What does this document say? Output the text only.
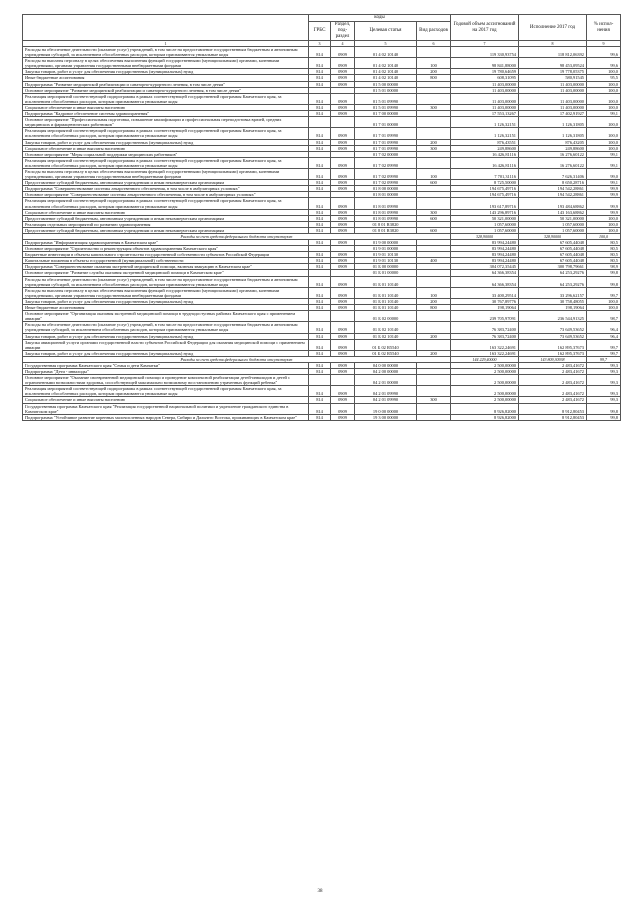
	коды				Годовой объем ассигнований на 2017 год	Исполнение 2017 год	% испол-нения
	ГРБС	Раздел, под-раздел	Целевая статья	Вид расходов			
1	3	4	5	6	7	8	9
Расходы на обеспечение деятельности (оказание услуг) учреждений, в том числе на предоставление государственным бюджетным и автономным учреждениям субсидий, за исключением обособленных расходов, которым присваиваются уникальные коды	814	0909	01 4 02 10140		119 330,93754	118 812,06392	99,6
Расходы на выплаты персоналу в целях обеспечения выполнения функций государственными (муниципальными) органами, казенными учреждениями, органами управления государственными внебюджетными фондами	814	0909	01 4 02 10140	100	98 841,88000	98 453,09524	99,6
Закупка товаров, работ и услуг для обеспечения государственных (муниципальных) нужд	814	0909	01 4 02 10140	200	19 780,64659	19 778,05375	100,0
Иные бюджетные ассигнования	814	0909	01 4 02 10140	800	608,31095	580,91545	95,5
Подпрограмма "Развитие медицинской реабилитации и санаторно-курортного лечения, в том числе детям"	814	0909	01 5 00 00000		11 403,00000	11 403,00000	100,0
Основное мероприятие "Развитие медицинской реабилитации и санаторно-курортного лечения, в том числе детям"			01 5 01 00000		11 403,00000	11 403,00000	100,0
Реализация мероприятий соответствующей подпрограммы в рамках соответствующей государственной программы Камчатского края, за исключением обособленных расходов, которым присваиваются уникальные коды	814	0909	01 5 01 09990		11 403,00000	11 403,00000	100,0
Социальное обеспечение и иные выплаты населению	814	0909	01 5 01 09990	300	11 403,00000	11 403,00000	100,0
Подпрограмма "Кадровое обеспечение системы здравоохранения"	814	0909	01 7 00 00000		17 553,13267	17 402,91927	99,1
Основное мероприятие "Профессиональная подготовка, повышение квалификации и профессиональная переподготовка врачей, средних медицинских и фармацевтических работников"			01 7 01 00000		1 126,32151	1 126,31805	100,0
Реализация мероприятий соответствующей подпрограммы в рамках соответствующей государственной программы Камчатского края, за исключением обособленных расходов, которым присваиваются уникальные коды	814	0909	01 7 01 09990		1 126,32151	1 126,31805	100,0
Закупка товаров, работ и услуг для обеспечения государственных (муниципальных) нужд	814	0909	01 7 01 09990	200	876,43551	876,43205	100,0
Социальное обеспечение и иные выплаты населению	814	0909	01 7 01 09990	300	249,88600	249,88600	100,0
Основное мероприятие "Меры социальной поддержки медицинских работников"			01 7 02 00000		16 426,81116	16 276,60122	99,1
Реализация мероприятий соответствующей подпрограммы в рамках соответствующей государственной программы Камчатского края, за исключением обособленных расходов, которым присваиваются уникальные коды	814	0909	01 7 02 09990		16 426,81116	16 276,60122	99,1
Расходы на выплаты персоналу в целях обеспечения выполнения функций государственными (муниципальными) органами, казенными учреждениями, органами управления государственными внебюджетными фондами	814	0909	01 7 02 09990	100	7 701,31116	7 626,31406	99,0
Предоставление субсидий бюджетным, автономным учреждениям и иным некоммерческим организациям	814	0909	01 7 02 09990	600	8 725,50000	8 650,28716	99,1
Подпрограмма "Совершенствование системы лекарственного обеспечения, в том числе в амбулаторных условиях"	814	0909	01 8 00 00000		194 675,49716	194 542,28861	99,9
Основное мероприятие "Совершенствование системы лекарственного обеспечения, в том числе в амбулаторных условиях"			01 8 01 00000		194 675,49716	194 542,28861	99,9
Реализация мероприятий соответствующей подпрограммы в рамках соответствующей государственной программы Камчатского края, за исключением обособленных расходов, которым присваиваются уникальные коды	814	0909	01 8 01 09990		193 617,89716	193 484,68862	99,9
Социальное обеспечение и иные выплаты населению	814	0909	01 8 01 09990	300	143 296,89716	143 163,68862	99,9
Предоставление субсидий бюджетным, автономным учреждениям и иным некоммерческим организациям	814	0909	01 8 01 09990	600	50 321,00000	50 321,00000	100,0
Реализация отдельных мероприятий по развитию здравоохранения	814	0909	01 8 01 R3820		1 057,60000	1 057,60000	100,0
Предоставление субсидий бюджетным, автономным учреждениям и иным некоммерческим организациям	814	0909	01 8 01 R3820	600	1 057,60000	1 057,60000	100,0
Расходы за счет средств федерального бюджета отсутствуют					328,90000	328,90000	100,0
Подпрограмма "Информатизация здравоохранения в Камчатском крае"	814	0909	01 9 00 00000		83 994,24480	67 605,44048	80,5
Основное мероприятие "Строительство и реконструкция объектов здравоохранения Камчатского края"			01 9 01 00000		83 994,24480	67 605,44048	80,5
Бюджетные инвестиции в объекты капитального строительства государственной собственности субъектов Российской Федерации	814	0909	01 9 01 10130		83 994,24480	67 605,44048	80,5
Капитальные вложения в объекты государственной (муниципальной) собственности	814	0909	01 9 01 10130	400	83 994,24480	67 605,44048	80,5
Подпрограмма "Совершенствование оказания экстренной медицинской помощи, включая эвакуацию в Камчатском крае"	814	0909	01 Б 00 00000		304 072,35445	300 798,79661	98,9
Основное мероприятие "Развитие службы оказания экстренной медицинской помощи в Камчатском крае"			01 Б 01 00000		64 366,38354	64 253,29276	99,8
Расходы на обеспечение деятельности (оказание услуг) учреждений, в том числе на предоставление государственным бюджетным и автономным учреждениям субсидий, за исключением обособленных расходов, которым присваиваются уникальные коды	814	0909	01 Б 01 10140		64 366,38354	64 253,29276	99,8
Расходы на выплаты персоналу в целях обеспечения выполнения функций государственными (муниципальными) органами, казенными учреждениями, органами управления государственными внебюджетными фондами	814	0909	01 Б 01 10140	100	33 400,29514	33 296,62157	99,7
Закупка товаров, работ и услуг для обеспечения государственных (муниципальных) нужд	814	0909	01 Б 01 10140	200	30 767,89776	30 758,48055	100,0
Иные бюджетные ассигнования	814	0909	01 Б 01 10140	800	198,19064	198,19064	100,0
Основное мероприятие "Организация оказания экстренной медицинской помощи в труднодоступных районах Камчатского края с применением авиации"			01 Б 02 00000		239 705,97091	236 544,91325	98,7
Расходы на обеспечение деятельности (оказание услуг) учреждений, в том числе на предоставление государственным бюджетным и автономным учреждениям субсидий, за исключением обособленных расходов, которым присваиваются уникальные коды	814	0909	01 Б 02 10140		76 383,72400	73 649,53652	96,4
Закупка товаров, работ и услуг для обеспечения государственных (муниципальных) нужд	814	0909	01 Б 02 10140	200	76 383,72400	73 649,53652	96,4
Закупка авиационной услуги органами государственной власти субъектов Российской Федерации для оказания медицинской помощи с применением авиации	814	0909	01 Б 02 R5540		163 322,24691	162 895,37673	99,7
Закупка товаров, работ и услуг для обеспечения государственных (муниципальных) нужд	814	0909	01 Б 02 R5540	200	163 322,24691	162 895,37673	99,7
Расходы за счет средств федерального бюджета отсутствуют					144 229,40000	143 809,30938	99,7
Государственная программа Камчатского края "Семья и дети Камчатки"	814	0909	04 0 00 00000		2 500,00000	2 483,41672	99,3
Подпрограмма "Дети - инвалиды"	814	0909	04 2 00 00000		2 500,00000	2 483,41672	99,3
Основное мероприятие "Оказание своевременной медицинской помощи и проведение комплексной реабилитации детей-инвалидов и детей с ограниченными возможностями здоровья, способствующей максимально возможному восстановлению утраченных функций ребенка"			04 2 01 00000		2 500,00000	2 483,41672	99,3
Реализация мероприятий соответствующей подпрограммы в рамках соответствующей государственной программы Камчатского края, за исключением обособленных расходов, которым присваиваются уникальные коды	814	0909	04 2 01 09990		2 500,00000	2 483,41672	99,3
Социальное обеспечение и иные выплаты населению	814	0909	04 2 01 09990	300	2 500,00000	2 483,41672	99,3
Государственная программа Камчатского края "Реализация государственной национальной политики и укрепление гражданского единства в Камчатском крае"	814	0909	19 0 00 00000		8 926,82000	8 912,80453	99,8
Подпрограмма "Устойчивое развитие коренных малочисленных народов Севера, Сибири и Дальнего Востока, проживающих в Камчатском крае"	814	0909	19 3 00 00000		8 926,82000	8 912,80453	99,8
38
